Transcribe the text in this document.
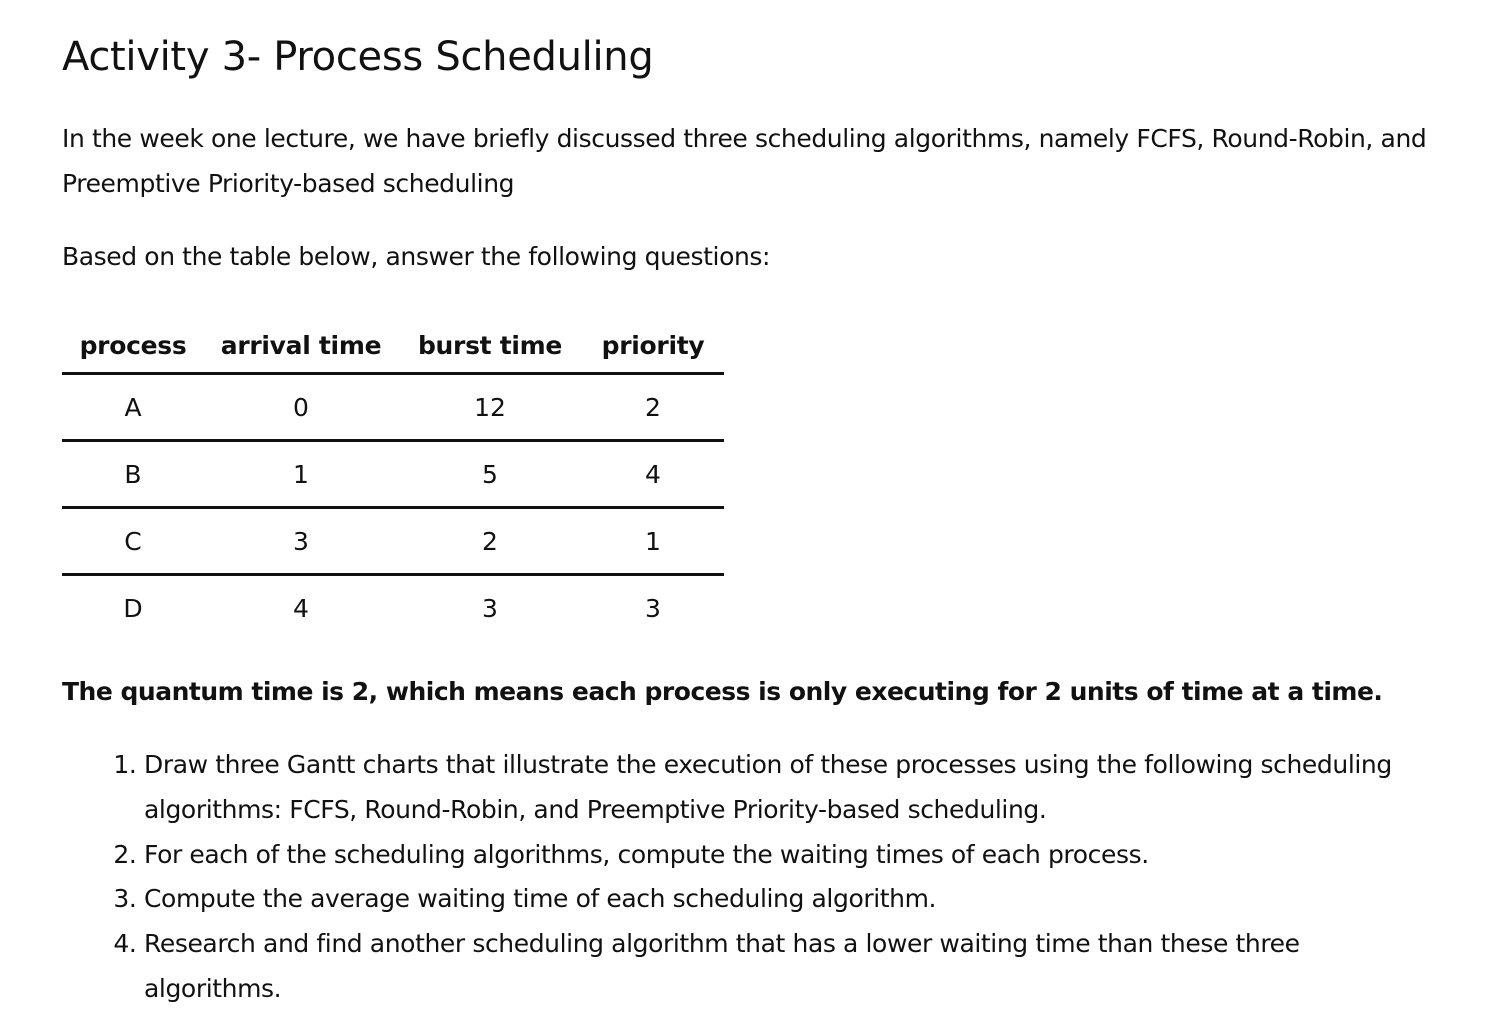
Activity 3- Process Scheduling

In the week one lecture, we have briefly discussed three scheduling algorithms, namely FCFS, Round-Robin, and Preemptive Priority-based scheduling

Based on the table below, answer the following questions:

process	arrival time	burst time	priority
A	0	12	2
B	1	5	4
C	3	2	1
D	4	3	3

The quantum time is 2, which means each process is only executing for 2 units of time at a time.

1. Draw three Gantt charts that illustrate the execution of these processes using the following scheduling algorithms: FCFS, Round-Robin, and Preemptive Priority-based scheduling.
2. For each of the scheduling algorithms, compute the waiting times of each process.
3. Compute the average waiting time of each scheduling algorithm.
4. Research and find another scheduling algorithm that has a lower waiting time than these three algorithms.
